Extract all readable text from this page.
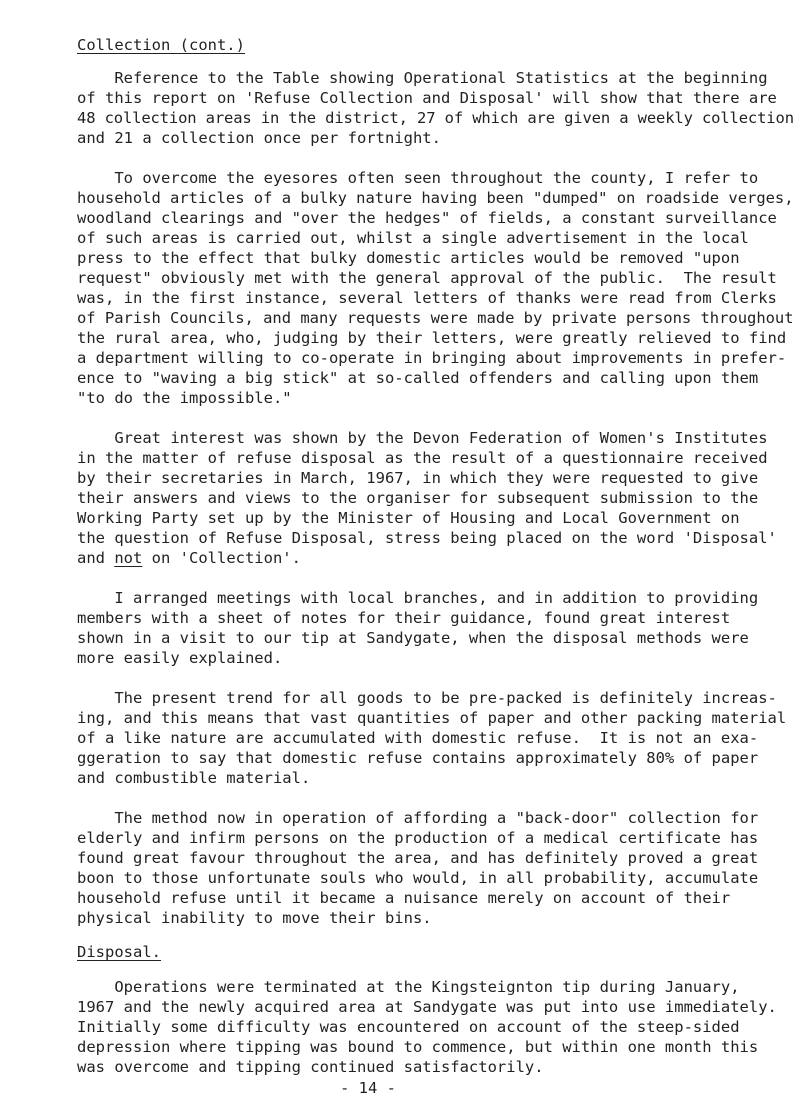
Collection (cont.)
Reference to the Table showing Operational Statistics at the beginning
of this report on 'Refuse Collection and Disposal' will show that there are
48 collection areas in the district, 27 of which are given a weekly collection
and 21 a collection once per fortnight.
To overcome the eyesores often seen throughout the county, I refer to
household articles of a bulky nature having been "dumped" on roadside verges,
woodland clearings and "over the hedges" of fields, a constant surveillance
of such areas is carried out, whilst a single advertisement in the local
press to the effect that bulky domestic articles would be removed "upon
request" obviously met with the general approval of the public.  The result
was, in the first instance, several letters of thanks were read from Clerks
of Parish Councils, and many requests were made by private persons throughout
the rural area, who, judging by their letters, were greatly relieved to find
a department willing to co-operate in bringing about improvements in prefer-
ence to "waving a big stick" at so-called offenders and calling upon them
"to do the impossible."
Great interest was shown by the Devon Federation of Women's Institutes
in the matter of refuse disposal as the result of a questionnaire received
by their secretaries in March, 1967, in which they were requested to give
their answers and views to the organiser for subsequent submission to the
Working Party set up by the Minister of Housing and Local Government on
the question of Refuse Disposal, stress being placed on the word 'Disposal'
and not on 'Collection'.
I arranged meetings with local branches, and in addition to providing
members with a sheet of notes for their guidance, found great interest
shown in a visit to our tip at Sandygate, when the disposal methods were
more easily explained.
The present trend for all goods to be pre-packed is definitely increas-
ing, and this means that vast quantities of paper and other packing material
of a like nature are accumulated with domestic refuse.  It is not an exa-
ggeration to say that domestic refuse contains approximately 80% of paper
and combustible material.
The method now in operation of affording a "back-door" collection for
elderly and infirm persons on the production of a medical certificate has
found great favour throughout the area, and has definitely proved a great
boon to those unfortunate souls who would, in all probability, accumulate
household refuse until it became a nuisance merely on account of their
physical inability to move their bins.
Disposal.
Operations were terminated at the Kingsteignton tip during January,
1967 and the newly acquired area at Sandygate was put into use immediately.
Initially some difficulty was encountered on account of the steep-sided
depression where tipping was bound to commence, but within one month this
was overcome and tipping continued satisfactorily.
- 14 -
